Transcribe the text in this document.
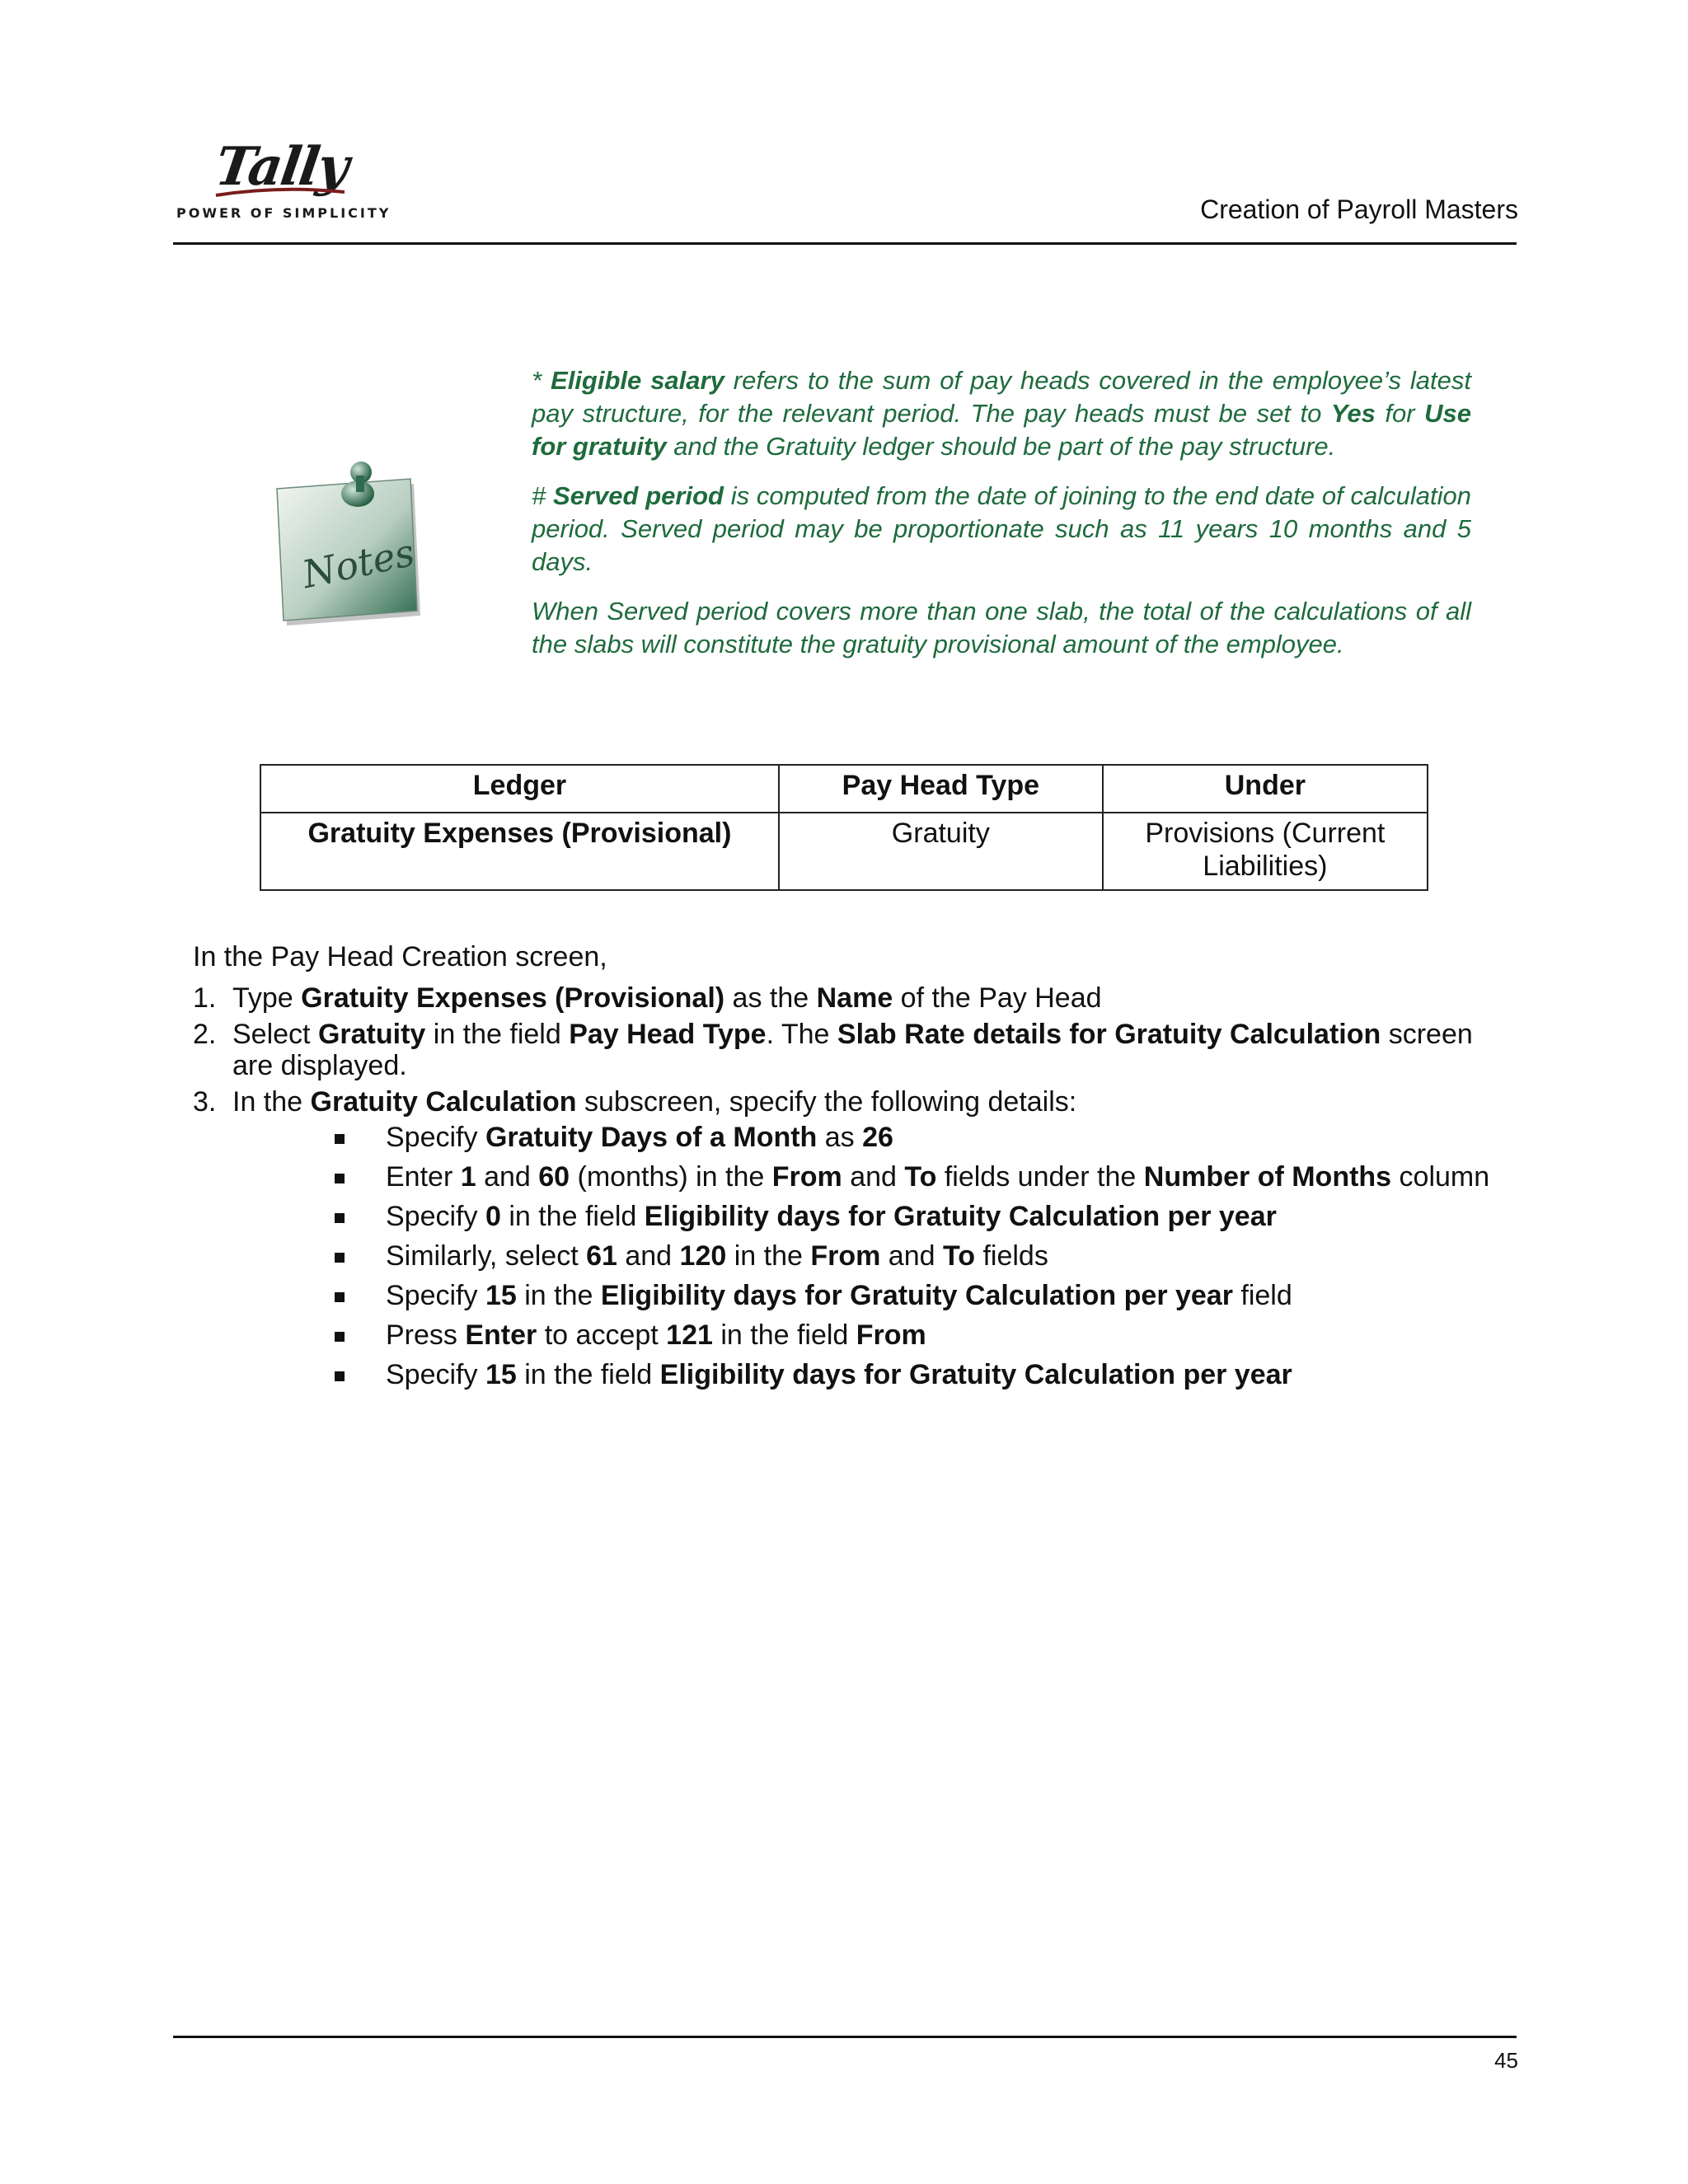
Tally
POWER OF SIMPLICITY	Creation of Payroll Masters
Notes

* Eligible salary refers to the sum of pay heads covered in the employee’s latest pay structure, for the relevant period. The pay heads must be set to Yes for Use for gratuity and the Gratuity ledger should be part of the pay structure.

# Served period is computed from the date of joining to the end date of calculation period. Served period may be proportionate such as 11 years 10 months and 5 days.

When Served period covers more than one slab, the total of the calculations of all the slabs will constitute the gratuity provisional amount of the employee.

Ledger	Pay Head Type	Under
Gratuity Expenses (Provisional)	Gratuity	Provisions (Current Liabilities)
In the Pay Head Creation screen,
1. Type Gratuity Expenses (Provisional) as the Name of the Pay Head
2. Select Gratuity in the field Pay Head Type. The Slab Rate details for Gratuity Calculation screen are displayed.
3. In the Gratuity Calculation subscreen, specify the following details:
Specify Gratuity Days of a Month as 26
Enter 1 and 60 (months) in the From and To fields under the Number of Months column
Specify 0 in the field Eligibility days for Gratuity Calculation per year
Similarly, select 61 and 120 in the From and To fields
Specify 15 in the Eligibility days for Gratuity Calculation per year field
Press Enter to accept 121 in the field From
Specify 15 in the field Eligibility days for Gratuity Calculation per year
45
